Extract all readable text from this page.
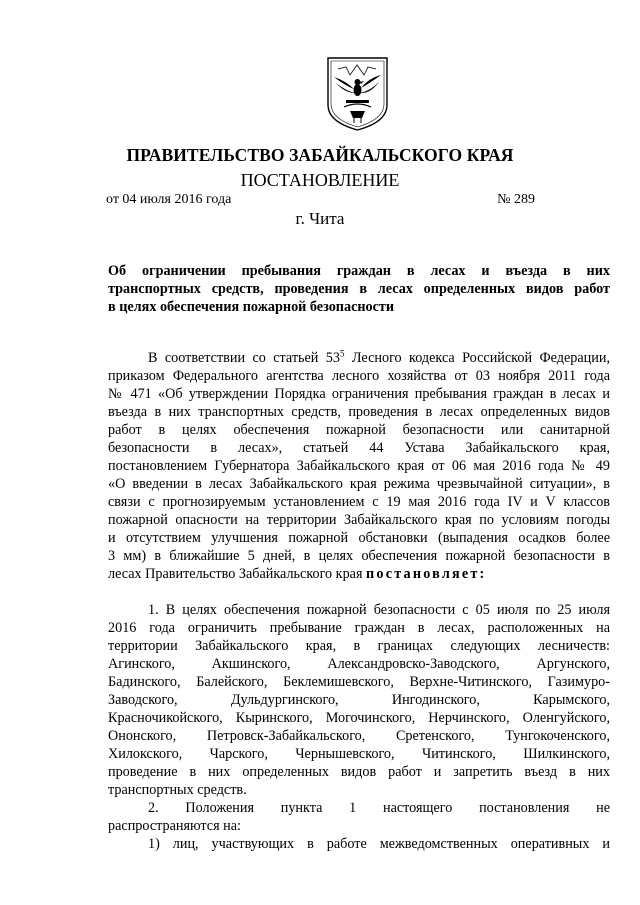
ПРАВИТЕЛЬСТВО ЗАБАЙКАЛЬСКОГО КРАЯ
ПОСТАНОВЛЕНИЕ
от 04 июля 2016 года	№ 289
г. Чита
Об ограничении пребывания граждан в лесах и въезда в них
транспортных средств, проведения в лесах определенных видов работ
в целях обеспечения пожарной безопасности
В соответствии со статьей $53^5$ Лесного кодекса Российской Федерации,
приказом Федерального агентства лесного хозяйства от 03 ноября 2011 года
№ 471 «Об утверждении Порядка ограничения пребывания граждан в лесах и
въезда в них транспортных средств, проведения в лесах определенных видов
работ в целях обеспечения пожарной безопасности или санитарной
безопасности в лесах», статьей 44 Устава Забайкальского края,
постановлением Губернатора Забайкальского края от 06 мая 2016 года № 49
«О введении в лесах Забайкальского края режима чрезвычайной ситуации», в
связи с прогнозируемым установлением с 19 мая 2016 года IV и V классов
пожарной опасности на территории Забайкальского края по условиям погоды
и отсутствием улучшения пожарной обстановки (выпадения осадков более
3 мм) в ближайшие 5 дней, в целях обеспечения пожарной безопасности в
лесах Правительство Забайкальского края постановляет:
1. В целях обеспечения пожарной безопасности с 05 июля по 25 июля
2016 года ограничить пребывание граждан в лесах, расположенных на
территории Забайкальского края, в границах следующих лесничеств:
Агинского, Акшинского, Александровско-Заводского, Аргунского,
Бадинского, Балейского, Беклемишевского, Верхне-Читинского, Газимуро-
Заводского, Дульдургинского, Ингодинского, Карымского,
Красночикойского, Кыринского, Могочинского, Нерчинского, Оленгуйского,
Ононского, Петровск-Забайкальского, Сретенского, Тунгокоченского,
Хилокского, Чарского, Чернышевского, Читинского, Шилкинского,
проведение в них определенных видов работ и запретить въезд в них
транспортных средств.
2. Положения пункта 1 настоящего постановления не
распространяются на:
1) лиц, участвующих в работе межведомственных оперативных и
